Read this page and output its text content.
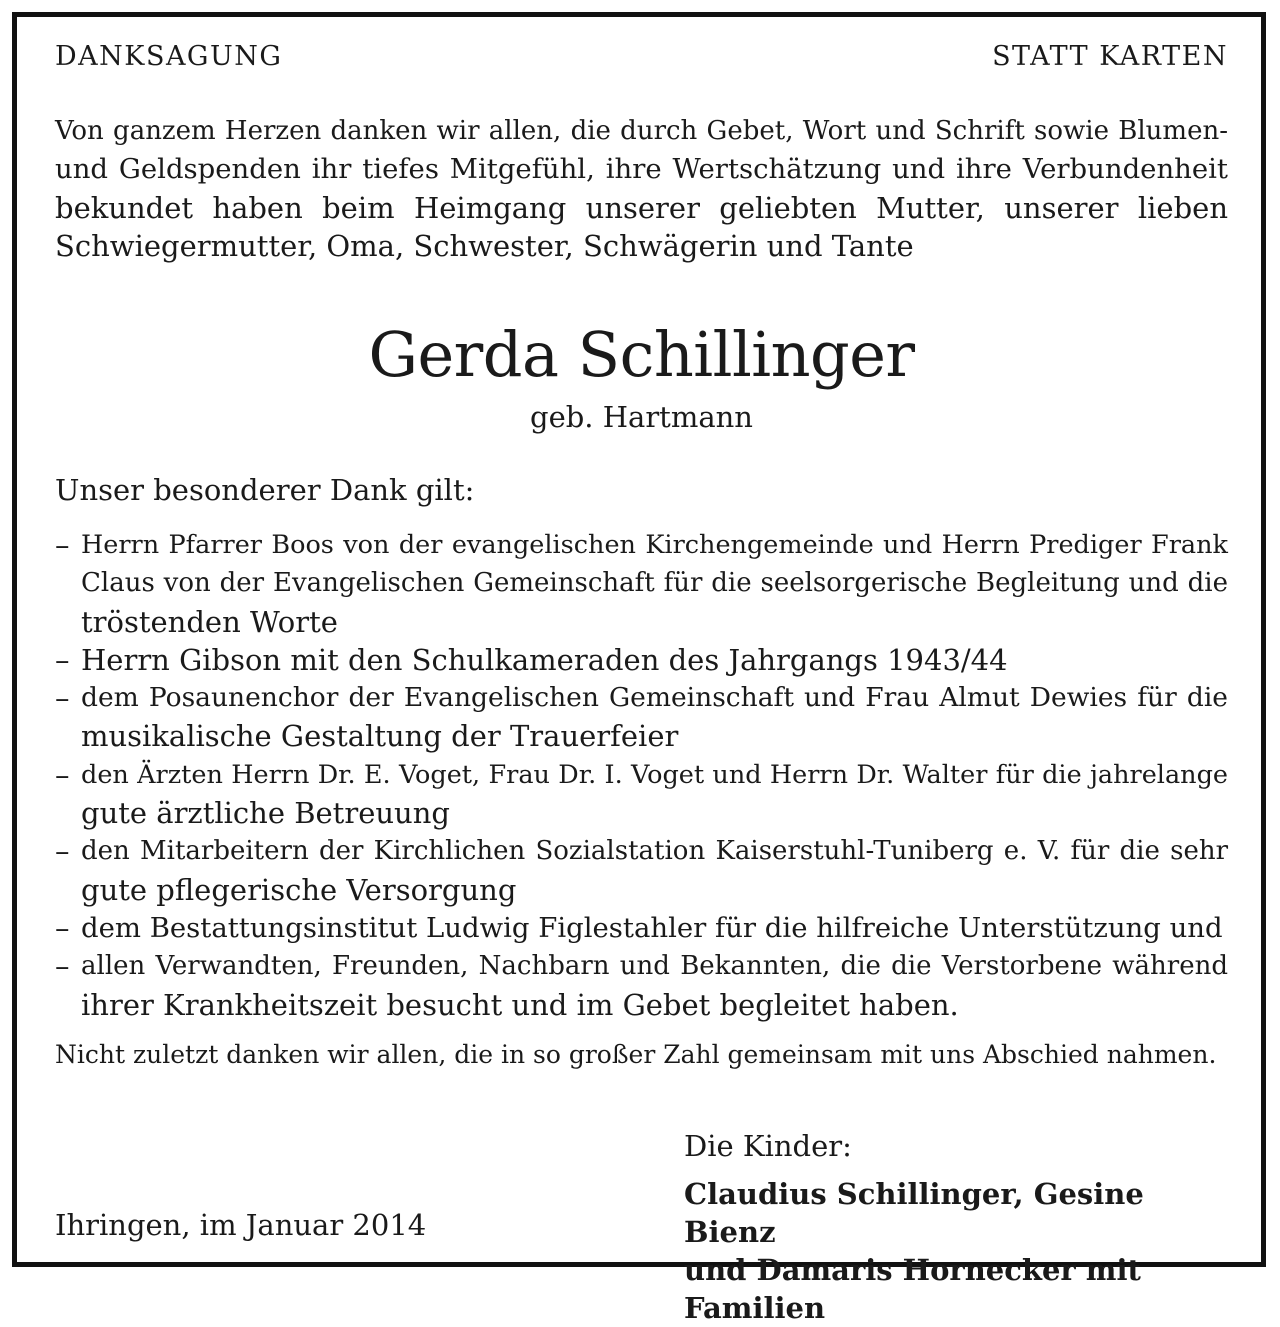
DANKSAGUNG	STATT KARTEN

Von ganzem Herzen danken wir allen, die durch Gebet, Wort und Schrift sowie Blumen-
und Geldspenden ihr tiefes Mitgefühl, ihre Wertschätzung und ihre Verbundenheit
bekundet haben beim Heimgang unserer geliebten Mutter, unserer lieben
Schwiegermutter, Oma, Schwester, Schwägerin und Tante

Gerda Schillinger

geb. Hartmann

Unser besonderer Dank gilt:

– Herrn Pfarrer Boos von der evangelischen Kirchengemeinde und Herrn Prediger Frank
Claus von der Evangelischen Gemeinschaft für die seelsorgerische Begleitung und die
tröstenden Worte
– Herrn Gibson mit den Schulkameraden des Jahrgangs 1943/44
– dem Posaunenchor der Evangelischen Gemeinschaft und Frau Almut Dewies für die
musikalische Gestaltung der Trauerfeier
– den Ärzten Herrn Dr. E. Voget, Frau Dr. I. Voget und Herrn Dr. Walter für die jahrelange
gute ärztliche Betreuung
– den Mitarbeitern der Kirchlichen Sozialstation Kaiserstuhl-Tuniberg e. V. für die sehr
gute pflegerische Versorgung
– dem Bestattungsinstitut Ludwig Figlestahler für die hilfreiche Unterstützung und
– allen Verwandten, Freunden, Nachbarn und Bekannten, die die Verstorbene während
ihrer Krankheitszeit besucht und im Gebet begleitet haben.

Nicht zuletzt danken wir allen, die in so großer Zahl gemeinsam mit uns Abschied nahmen.

Ihringen, im Januar 2014

Die Kinder:
Claudius Schillinger, Gesine Bienz
und Damaris Hornecker mit Familien
